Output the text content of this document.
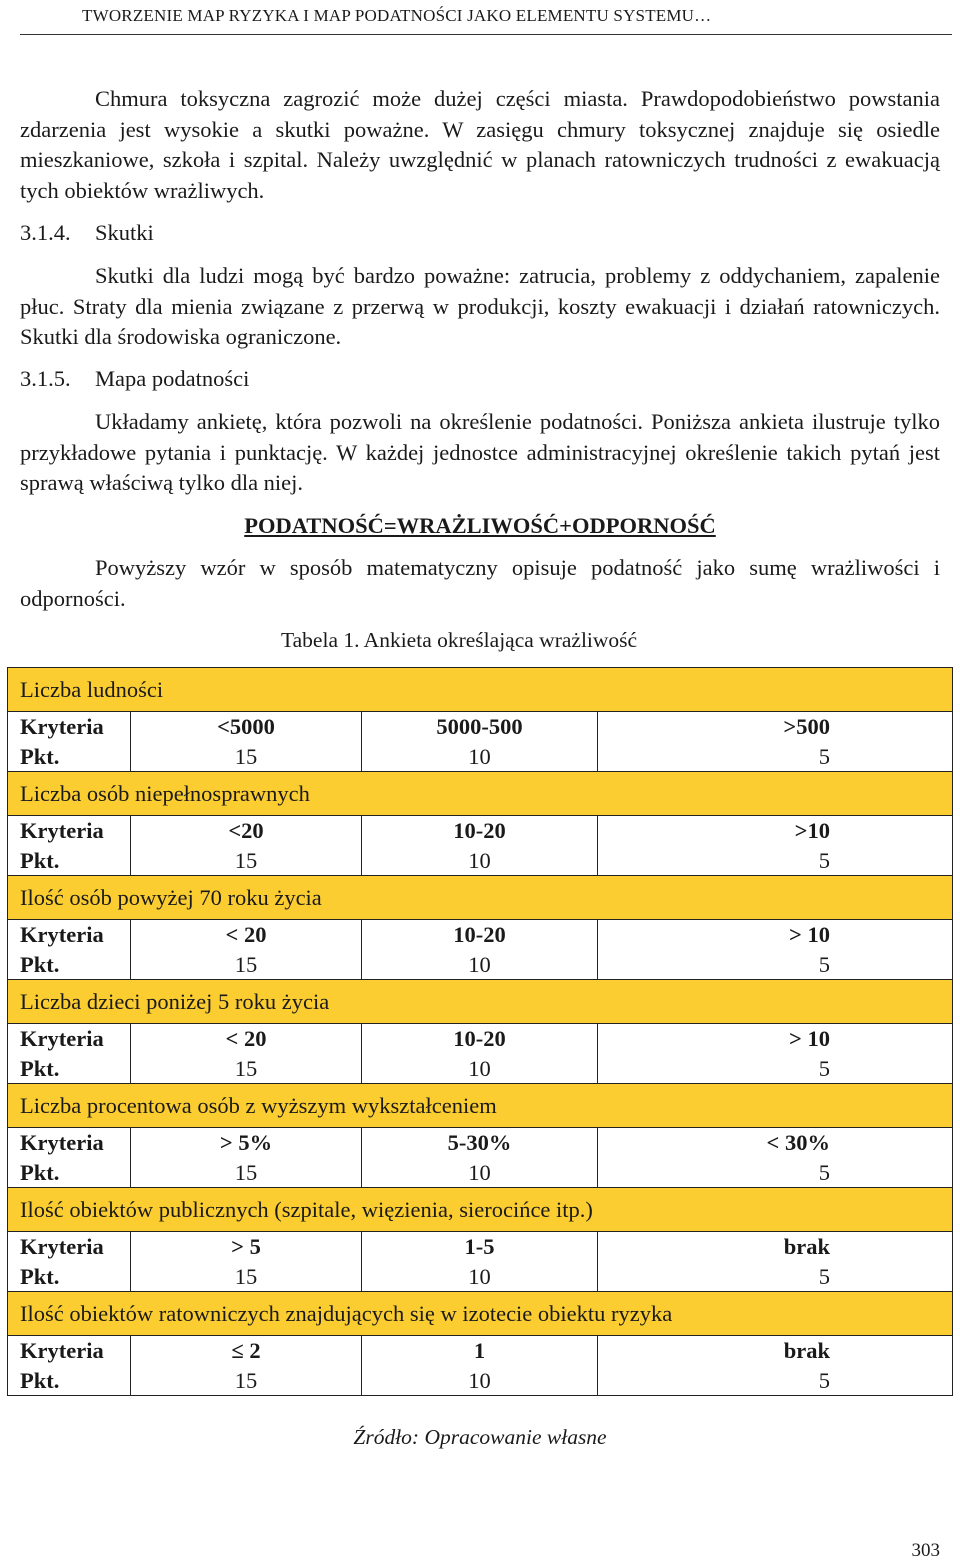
TWORZENIE MAP RYZYKA I MAP PODATNOŚCI JAKO ELEMENTU SYSTEMU…

Chmura toksyczna zagrozić może dużej części miasta. Prawdopodobieństwo powstania zdarzenia jest wysokie a skutki poważne. W zasięgu chmury toksycznej znajduje się osiedle mieszkaniowe, szkoła i szpital. Należy uwzględnić w planach ratowniczych trudności z ewakuacją tych obiektów wrażliwych.

3.1.4. Skutki

Skutki dla ludzi mogą być bardzo poważne: zatrucia, problemy z oddychaniem, zapalenie płuc. Straty dla mienia związane z przerwą w produkcji, koszty ewakuacji i działań ratowniczych. Skutki dla środowiska ograniczone.

3.1.5. Mapa podatności

Układamy ankietę, która pozwoli na określenie podatności. Poniższa ankieta ilustruje tylko przykładowe pytania i punktację. W każdej jednostce administracyjnej określenie takich pytań jest sprawą właściwą tylko dla niej.

PODATNOŚĆ=WRAŻLIWOŚĆ+ODPORNOŚĆ

Powyższy wzór w sposób matematyczny opisuje podatność jako sumę wrażliwości i odporności.

Tabela 1. Ankieta określająca wrażliwość
Liczba ludności			
Kryteria	<5000	5000-500	>500
Pkt.	15	10	5
Liczba osób niepełnosprawnych			
Kryteria	<20	10-20	>10
Pkt.	15	10	5
Ilość osób powyżej 70 roku życia			
Kryteria	< 20	10-20	> 10
Pkt.	15	10	5
Liczba dzieci poniżej 5 roku życia			
Kryteria	< 20	10-20	> 10
Pkt.	15	10	5
Liczba procentowa osób z wyższym wykształceniem			
Kryteria	> 5%	5-30%	< 30%
Pkt.	15	10	5
Ilość obiektów publicznych (szpitale, więzienia, sierocińce itp.)			
Kryteria	> 5	1-5	brak
Pkt.	15	10	5
Ilość obiektów ratowniczych znajdujących się w izotecie obiektu ryzyka			
Kryteria	≤ 2	1	brak
Pkt.	15	10	5
Źródło: Opracowanie własne
303
